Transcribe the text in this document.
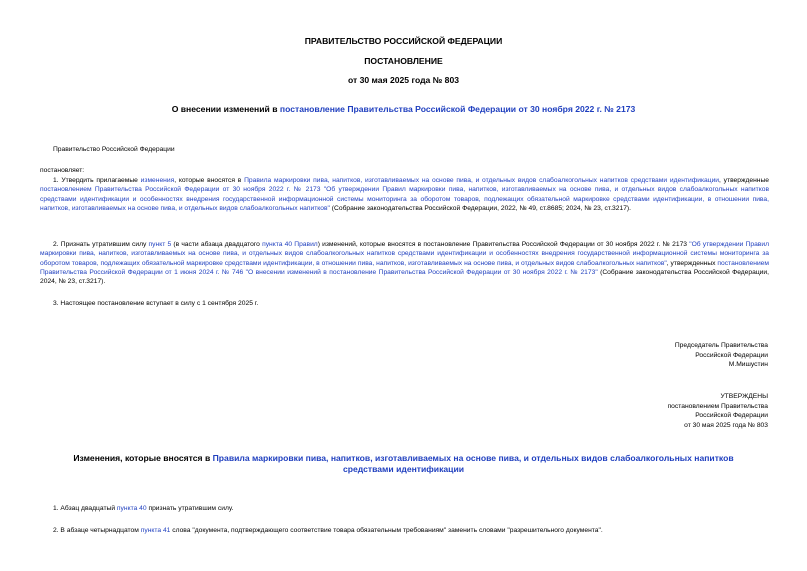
ПРАВИТЕЛЬСТВО РОССИЙСКОЙ ФЕДЕРАЦИИ
ПОСТАНОВЛЕНИЕ
от 30 мая 2025 года № 803
О внесении изменений в постановление Правительства Российской Федерации от 30 ноября 2022 г. № 2173
Правительство Российской Федерации
постановляет:

1. Утвердить прилагаемые изменения, которые вносятся в Правила маркировки пива, напитков, изготавливаемых на основе пива, и отдельных видов слабоалкогольных напитков средствами идентификации, утвержденные постановлением Правительства Российской Федерации от 30 ноября 2022 г. № 2173 "Об утверждении Правил маркировки пива, напитков, изготавливаемых на основе пива, и отдельных видов слабоалкогольных напитков средствами идентификации и особенностях внедрения государственной информационной системы мониторинга за оборотом товаров, подлежащих обязательной маркировке средствами идентификации, в отношении пива, напитков, изготавливаемых на основе пива, и отдельных видов слабоалкогольных напитков" (Собрание законодательства Российской Федерации, 2022, № 49, ст.8685; 2024, № 23, ст.3217).

2. Признать утратившим силу пункт 5 (в части абзаца двадцатого пункта 40 Правил) изменений, которые вносятся в постановление Правительства Российской Федерации от 30 ноября 2022 г. № 2173 "Об утверждении Правил маркировки пива, напитков, изготавливаемых на основе пива, и отдельных видов слабоалкогольных напитков средствами идентификации и особенностях внедрения государственной информационной системы мониторинга за оборотом товаров, подлежащих обязательной маркировке средствами идентификации, в отношении пива, напитков, изготавливаемых на основе пива, и отдельных видов слабоалкогольных напитков", утвержденных постановлением Правительства Российской Федерации от 1 июня 2024 г. № 746 "О внесении изменений в постановление Правительства Российской Федерации от 30 ноября 2022 г. № 2173" (Собрание законодательства Российской Федерации, 2024, № 23, ст.3217).

3. Настоящее постановление вступает в силу с 1 сентября 2025 г.

Председатель Правительства
Российской Федерации
М.Мишустин
УТВЕРЖДЕНЫ
постановлением Правительства
Российской Федерации
от 30 мая 2025 года № 803
Изменения, которые вносятся в Правила маркировки пива, напитков, изготавливаемых на основе пива, и отдельных видов слабоалкогольных напитков средствами идентификации

1. Абзац двадцатый пункта 40 признать утратившим силу.

2. В абзаце четырнадцатом пункта 41 слова "документа, подтверждающего соответствие товара обязательным требованиям" заменить словами "разрешительного документа".
